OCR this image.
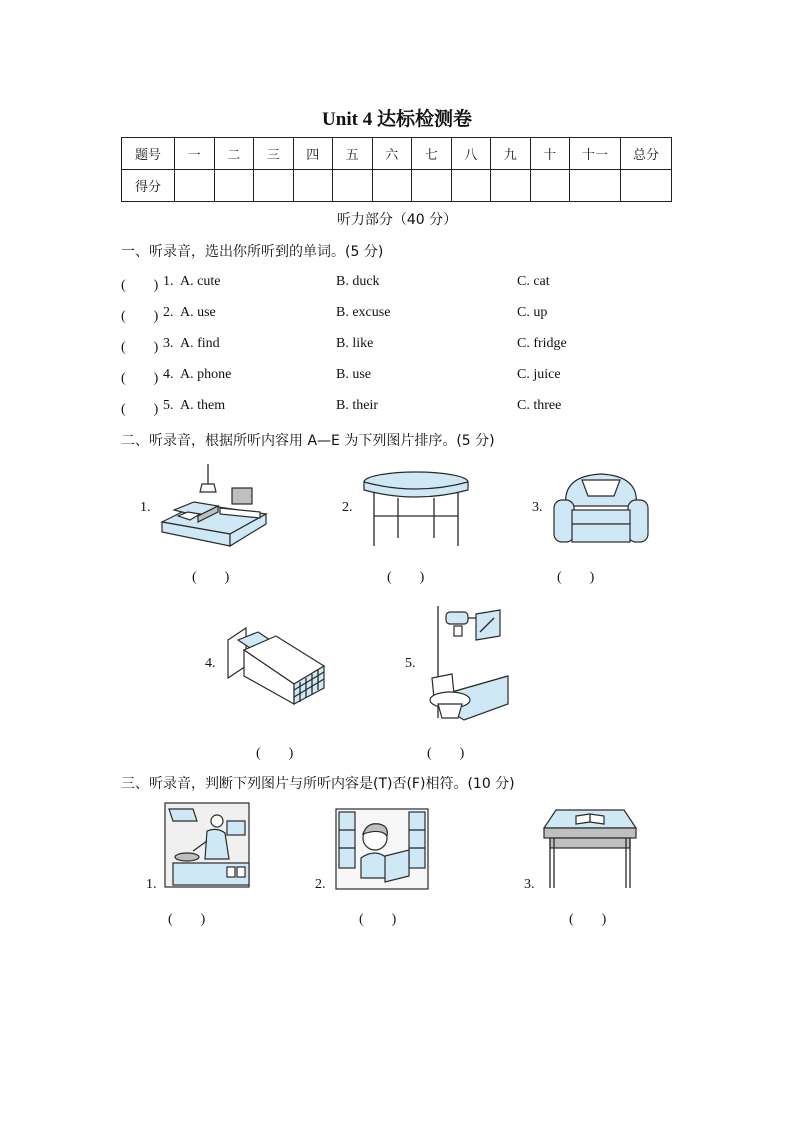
Unit 4 达标检测卷
题号	一	二	三	四	五	六	七	八	九	十	十一	总分
得分												
听力部分（40 分）
一、听录音，选出你所听到的单词。(5 分)
(　　) 1. A. cute	B. duck	C. cat
(　　) 2. A. use	B. excuse	C. up
(　　) 3. A. find	B. like	C. fridge
(　　) 4. A. phone	B. use	C. juice
(　　) 5. A. them	B. their	C. three
二、听录音，根据所听内容用 A—E 为下列图片排序。(5 分)
1.
(　　)
2.
(　　)
3.
(　　)
4.
(　　)
5.
(　　)
三、听录音，判断下列图片与所听内容是(T)否(F)相符。(10 分)
1.
(　　)
2.
(　　)
3.
(　　)
